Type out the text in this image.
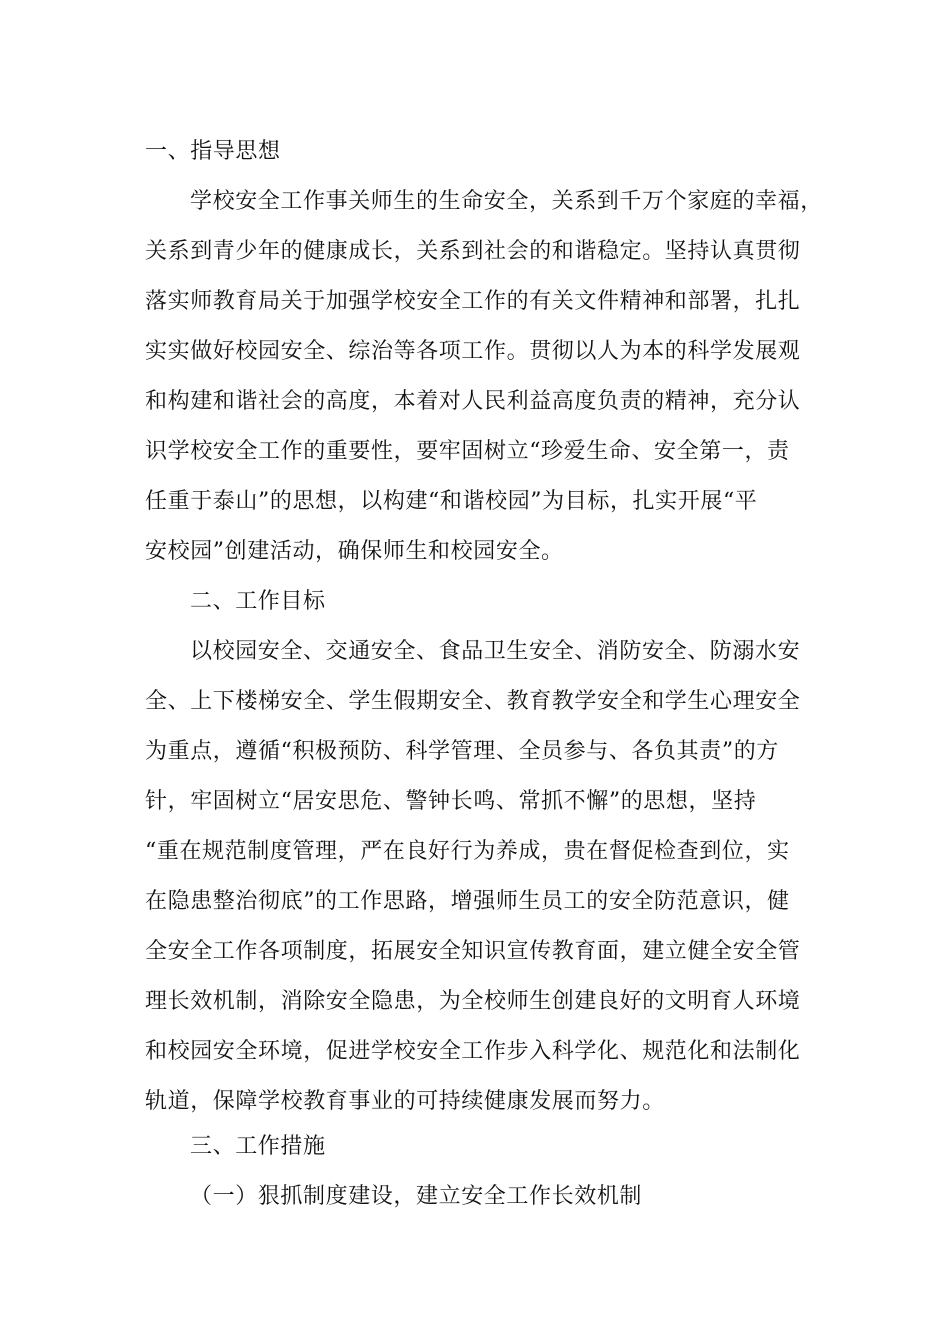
一、指导思想
学校安全工作事关师生的生命安全，关系到千万个家庭的幸福，
关系到青少年的健康成长，关系到社会的和谐稳定。坚持认真贯彻
落实师教育局关于加强学校安全工作的有关文件精神和部署，扎扎
实实做好校园安全、综治等各项工作。贯彻以人为本的科学发展观
和构建和谐社会的高度，本着对人民利益高度负责的精神，充分认
识学校安全工作的重要性，要牢固树立“珍爱生命、安全第一，责
任重于泰山”的思想，以构建“和谐校园”为目标，扎实开展“平
安校园”创建活动，确保师生和校园安全。
二、工作目标
以校园安全、交通安全、食品卫生安全、消防安全、防溺水安
全、上下楼梯安全、学生假期安全、教育教学安全和学生心理安全
为重点，遵循“积极预防、科学管理、全员参与、各负其责”的方
针，牢固树立“居安思危、警钟长鸣、常抓不懈”的思想，坚持
“重在规范制度管理，严在良好行为养成，贵在督促检查到位，实
在隐患整治彻底”的工作思路，增强师生员工的安全防范意识，健
全安全工作各项制度，拓展安全知识宣传教育面，建立健全安全管
理长效机制，消除安全隐患，为全校师生创建良好的文明育人环境
和校园安全环境，促进学校安全工作步入科学化、规范化和法制化
轨道，保障学校教育事业的可持续健康发展而努力。
三、工作措施
（一）狠抓制度建设，建立安全工作长效机制
